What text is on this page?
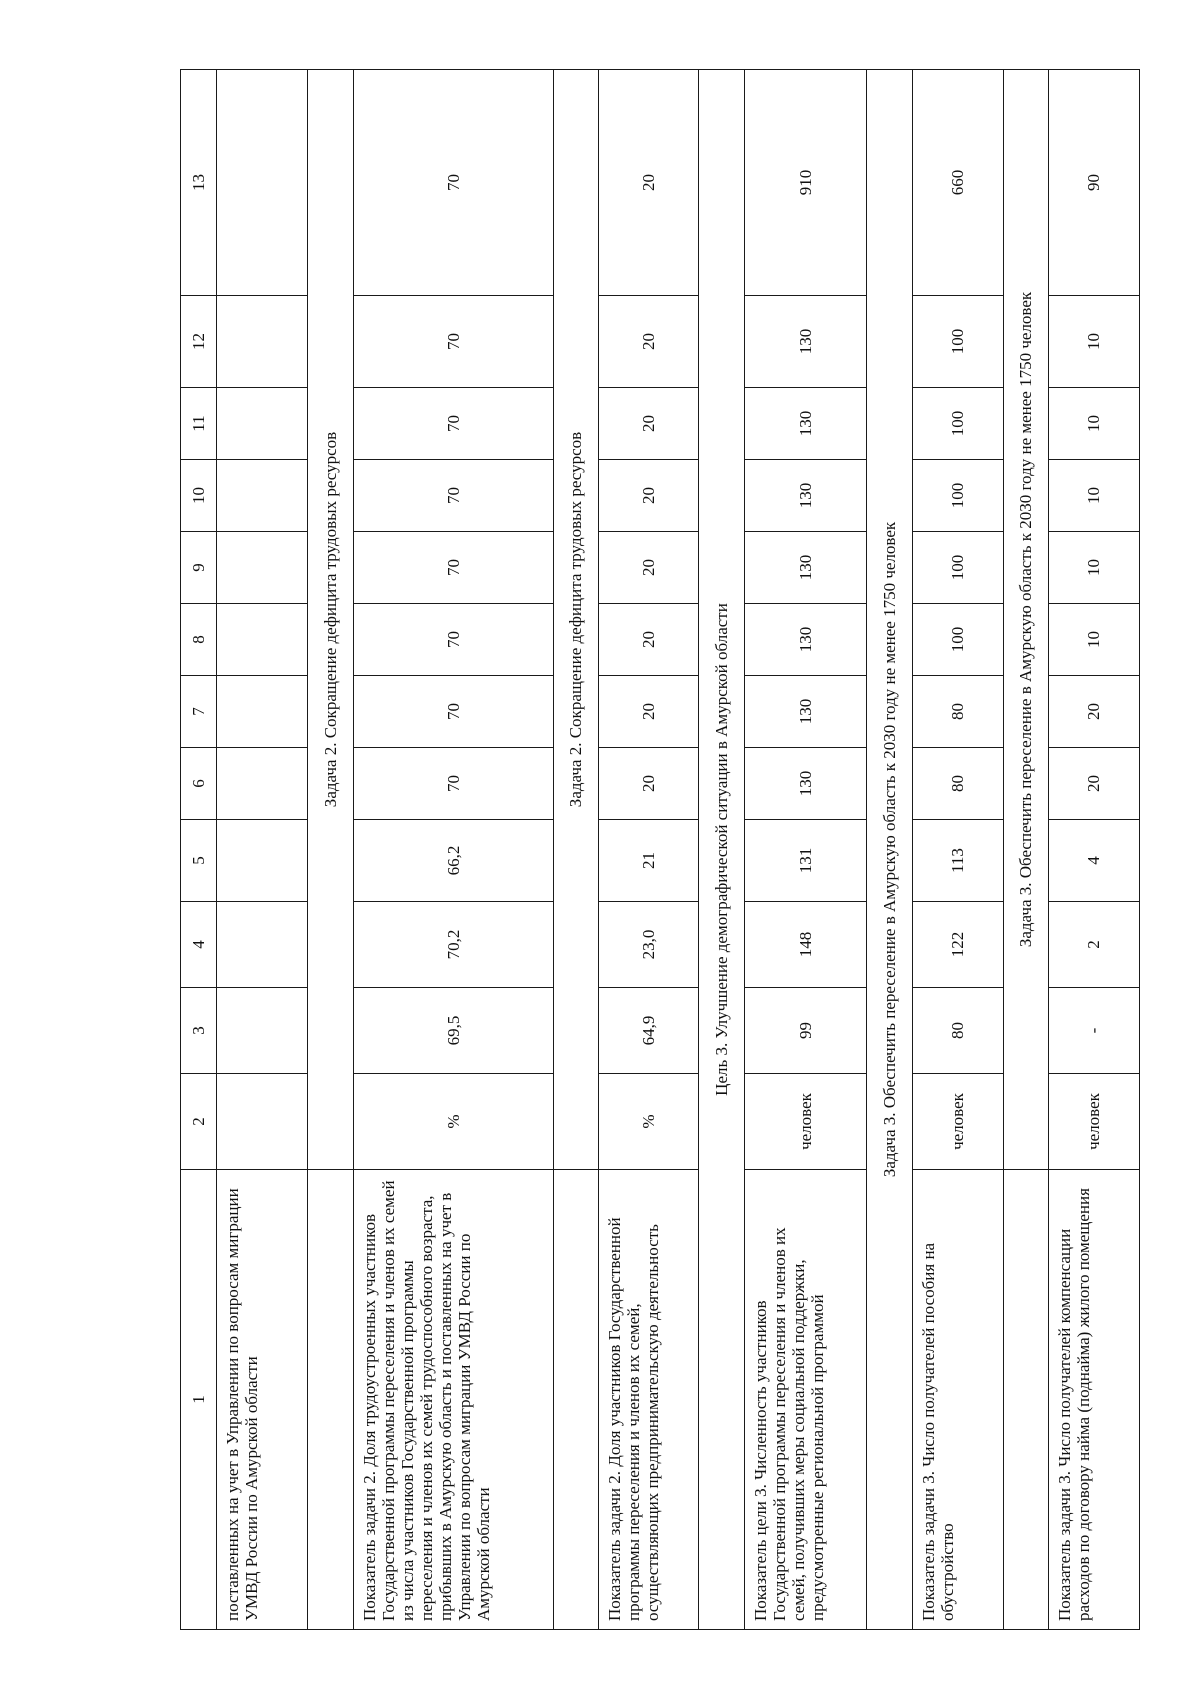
1	2	3	4	5	6	7	8	9	10	11	12	13
поставленных на учет в Управлении по вопросам миграции УМВД России по Амурской области												
	Задача 2. Сокращение дефицита трудовых ресурсов											
Показатель задачи 2. Доля трудоустроенных участников Государственной программы переселения и членов их семей из числа участников Государственной программы переселения и членов их семей трудоспособного возраста, прибывших в Амурскую область и поставленных на учет в Управлении по вопросам миграции УМВД России по Амурской области	%	69,5	70,2	66,2	70	70	70	70	70	70	70	70
	Задача 2. Сокращение дефицита трудовых ресурсов											
Показатель задачи 2. Доля участников Государственной программы переселения и членов их семей, осуществляющих предпринимательскую деятельность	%	64,9	23,0	21	20	20	20	20	20	20	20	20
Цель 3. Улучшение демографической ситуации в Амурской области												
Показатель цели 3. Численность участников Государственной программы переселения и членов их семей, получивших меры социальной поддержки, предусмотренные региональной программой	человек	99	148	131	130	130	130	130	130	130	130	910
Задача 3. Обеспечить переселение в Амурскую область к 2030 году не менее 1750 человек												
Показатель задачи 3. Число получателей пособия на обустройство	человек	80	122	113	80	80	100	100	100	100	100	660
	Задача 3. Обеспечить переселение в Амурскую область к 2030 году не менее 1750 человек											
Показатель задачи 3. Число получателей компенсации расходов по договору найма (поднайма) жилого помещения	человек	-	2	4	20	20	10	10	10	10	10	90
